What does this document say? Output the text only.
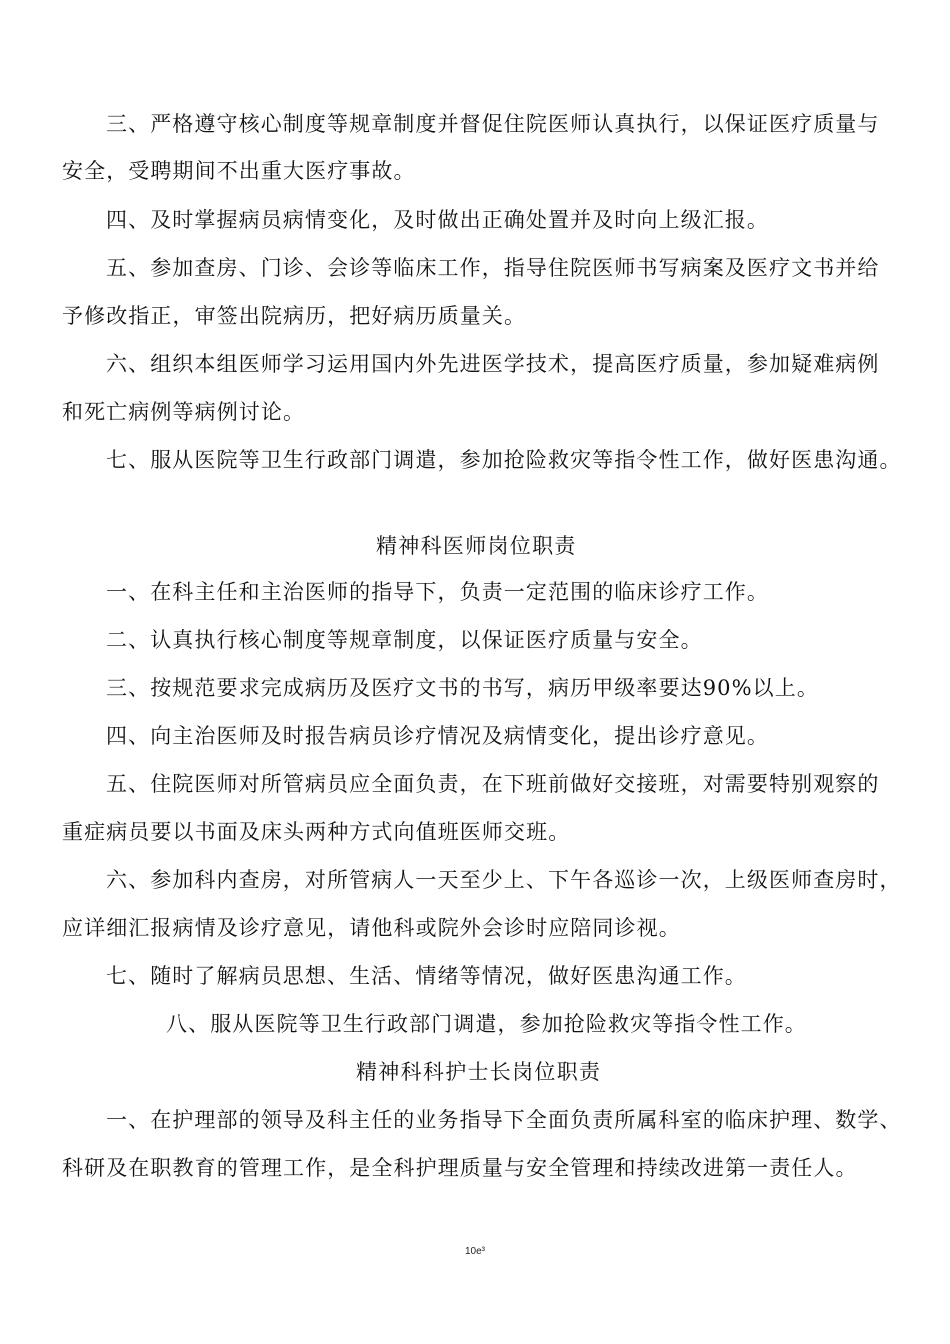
三、严格遵守核心制度等规章制度并督促住院医师认真执行，以保证医疗质量与
安全，受聘期间不出重大医疗事故。
四、及时掌握病员病情变化，及时做出正确处置并及时向上级汇报。
五、参加查房、门诊、会诊等临床工作，指导住院医师书写病案及医疗文书并给
予修改指正，审签出院病历，把好病历质量关。
六、组织本组医师学习运用国内外先进医学技术，提高医疗质量，参加疑难病例
和死亡病例等病例讨论。
七、服从医院等卫生行政部门调遣，参加抢险救灾等指令性工作，做好医患沟通。
精神科医师岗位职责
一、在科主任和主治医师的指导下，负责一定范围的临床诊疗工作。
二、认真执行核心制度等规章制度，以保证医疗质量与安全。
三、按规范要求完成病历及医疗文书的书写，病历甲级率要达90%以上。
四、向主治医师及时报告病员诊疗情况及病情变化，提出诊疗意见。
五、住院医师对所管病员应全面负责，在下班前做好交接班，对需要特别观察的
重症病员要以书面及床头两种方式向值班医师交班。
六、参加科内查房，对所管病人一天至少上、下午各巡诊一次，上级医师查房时，
应详细汇报病情及诊疗意见，请他科或院外会诊时应陪同诊视。
七、随时了解病员思想、生活、情绪等情况，做好医患沟通工作。
八、服从医院等卫生行政部门调遣，参加抢险救灾等指令性工作。
精神科科护士长岗位职责
一、在护理部的领导及科主任的业务指导下全面负责所属科室的临床护理、数学、
科研及在职教育的管理工作，是全科护理质量与安全管理和持续改进第一责任人。
10e³
